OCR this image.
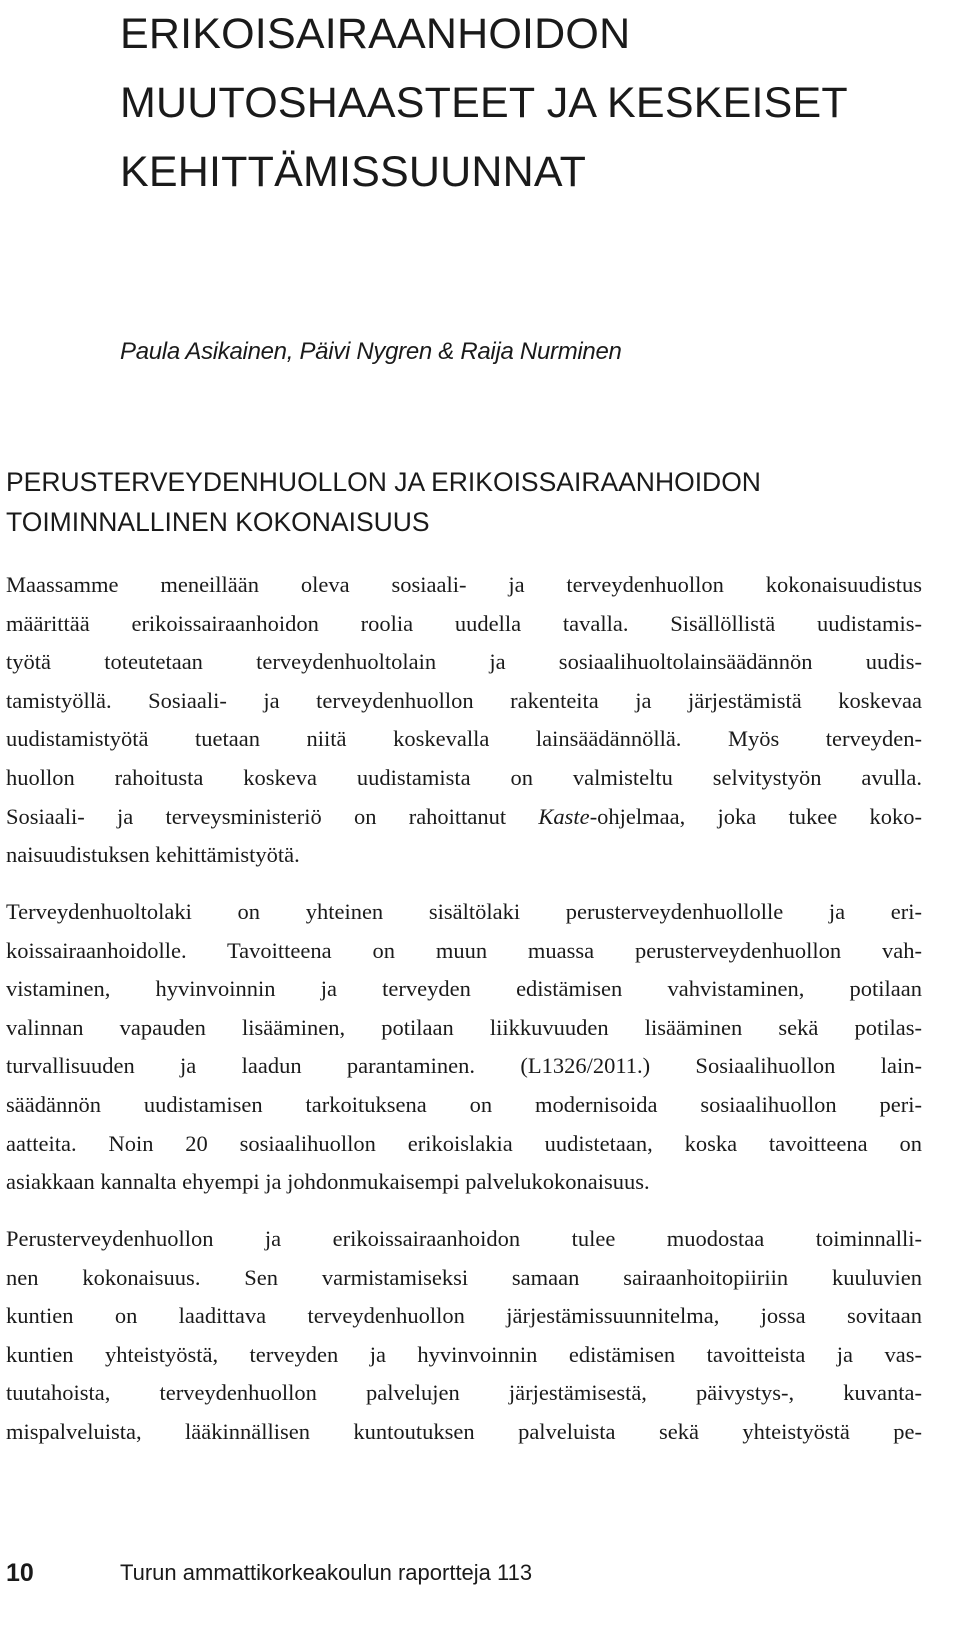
ERIKOISAIRAANHOIDON
MUUTOSHAASTEET JA KESKEISET
KEHITTÄMISSUUNNAT

Paula Asikainen, Päivi Nygren & Raija Nurminen

PERUSTERVEYDENHUOLLON JA ERIKOISSAIRAANHOIDON
TOIMINNALLINEN KOKONAISUUS
Maassamme meneillään oleva sosiaali- ja terveydenhuollon kokonaisuudistus
määrittää erikoissairaanhoidon roolia uudella tavalla. Sisällöllistä uudistamis-
työtä toteutetaan terveydenhuoltolain ja sosiaalihuoltolainsäädännön uudis-
tamistyöllä. Sosiaali- ja terveydenhuollon rakenteita ja järjestämistä koskevaa
uudistamistyötä tuetaan niitä koskevalla lainsäädännöllä. Myös terveyden-
huollon rahoitusta koskeva uudistamista on valmisteltu selvitystyön avulla.
Sosiaali- ja terveysministeriö on rahoittanut Kaste-ohjelmaa, joka tukee koko-
naisuudistuksen kehittämistyötä.
Terveydenhuoltolaki on yhteinen sisältölaki perusterveydenhuollolle ja eri-
koissairaanhoidolle. Tavoitteena on muun muassa perusterveydenhuollon vah-
vistaminen, hyvinvoinnin ja terveyden edistämisen vahvistaminen, potilaan
valinnan vapauden lisääminen, potilaan liikkuvuuden lisääminen sekä potilas-
turvallisuuden ja laadun parantaminen. (L1326/2011.) Sosiaalihuollon lain-
säädännön uudistamisen tarkoituksena on modernisoida sosiaalihuollon peri-
aatteita. Noin 20 sosiaalihuollon erikoislakia uudistetaan, koska tavoitteena on
asiakkaan kannalta ehyempi ja johdonmukaisempi palvelukokonaisuus.
Perusterveydenhuollon ja erikoissairaanhoidon tulee muodostaa toiminnalli-
nen kokonaisuus. Sen varmistamiseksi samaan sairaanhoitopiiriin kuuluvien
kuntien on laadittava terveydenhuollon järjestämissuunnitelma, jossa sovitaan
kuntien yhteistyöstä, terveyden ja hyvinvoinnin edistämisen tavoitteista ja vas-
tuutahoista, terveydenhuollon palvelujen järjestämisestä, päivystys-, kuvanta-
mispalveluista, lääkinnällisen kuntoutuksen palveluista sekä yhteistyöstä pe-
10	Turun ammattikorkeakoulun raportteja 113
